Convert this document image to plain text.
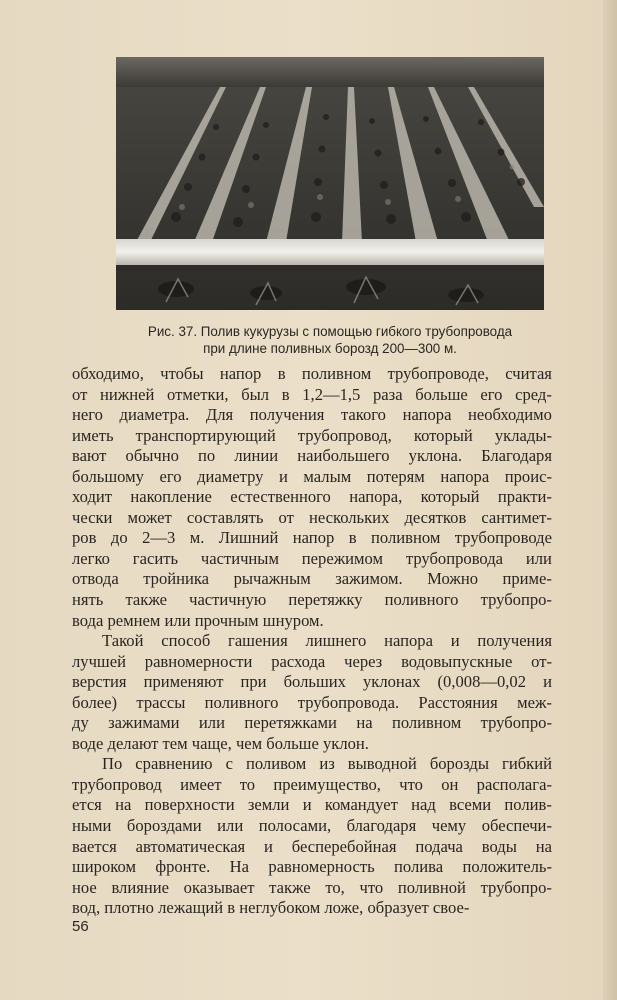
Рис. 37. Полив кукурузы с помощью гибкого трубопровода
при длине поливных борозд 200—300 м.
обходимо, чтобы напор в поливном трубопроводе, считая
от нижней отметки, был в 1,2—1,5 раза больше его сред-
него диаметра. Для получения такого напора необходимо
иметь транспортирующий трубопровод, который уклады-
вают обычно по линии наибольшего уклона. Благодаря
большому его диаметру и малым потерям напора проис-
ходит накопление естественного напора, который практи-
чески может составлять от нескольких десятков сантимет-
ров до 2—3 м. Лишний напор в поливном трубопроводе
легко гасить частичным пережимом трубопровода или
отвода тройника рычажным зажимом. Можно приме-
нять также частичную перетяжку поливного трубопро-
вода ремнем или прочным шнуром.
Такой способ гашения лишнего напора и получения
лучшей равномерности расхода через водовыпускные от-
верстия применяют при больших уклонах (0,008—0,02 и
более) трассы поливного трубопровода. Расстояния меж-
ду зажимами или перетяжками на поливном трубопро-
воде делают тем чаще, чем больше уклон.
По сравнению с поливом из выводной борозды гибкий
трубопровод имеет то преимущество, что он располага-
ется на поверхности земли и командует над всеми полив-
ными бороздами или полосами, благодаря чему обеспечи-
вается автоматическая и бесперебойная подача воды на
широком фронте. На равномерность полива положитель-
ное влияние оказывает также то, что поливной трубопро-
вод, плотно лежащий в неглубоком ложе, образует свое-
56
